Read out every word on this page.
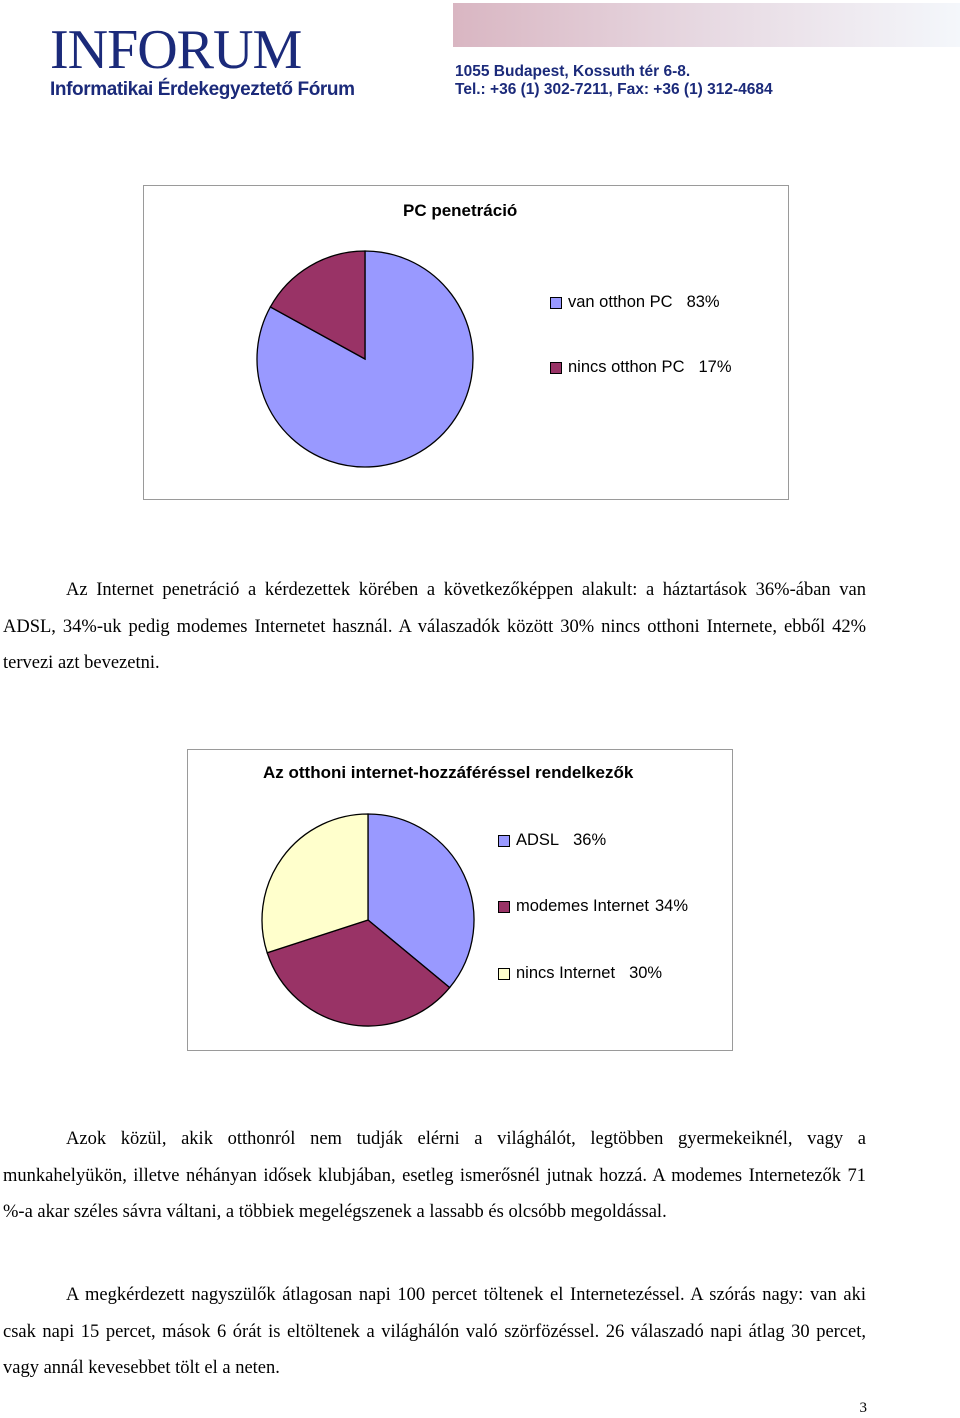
INFORUM
Informatikai Érdekegyeztető Fórum
1055 Budapest, Kossuth tér 6-8.
Tel.: +36 (1) 302-7211, Fax: +36 (1) 312-4684
PC penetráció
van otthon PC 83%
nincs otthon PC 17%

Az Internet penetráció a kérdezettek körében a következőképpen alakult: a háztartások 36%-ában van ADSL, 34%-uk pedig modemes Internetet használ. A válaszadók között 30% nincs otthoni Internete, ebből 42% tervezi azt bevezetni.

Az otthoni internet-hozzáféréssel rendelkezők
ADSL 36%
modemes Internet 34%
nincs Internet 30%

Azok közül, akik otthonról nem tudják elérni a világhálót, legtöbben gyermekeiknél, vagy a munkahelyükön, illetve néhányan idősek klubjában, esetleg ismerősnél jutnak hozzá. A modemes Internetezők 71 %-a akar széles sávra váltani, a többiek megelégszenek a lassabb és olcsóbb megoldással.

A megkérdezett nagyszülők átlagosan napi 100 percet töltenek el Internetezéssel. A szórás nagy: van aki csak napi 15 percet, mások 6 órát is eltöltenek a világhálón való szörfözéssel. 26 válaszadó napi átlag 30 percet, vagy annál kevesebbet tölt el a neten.

3
